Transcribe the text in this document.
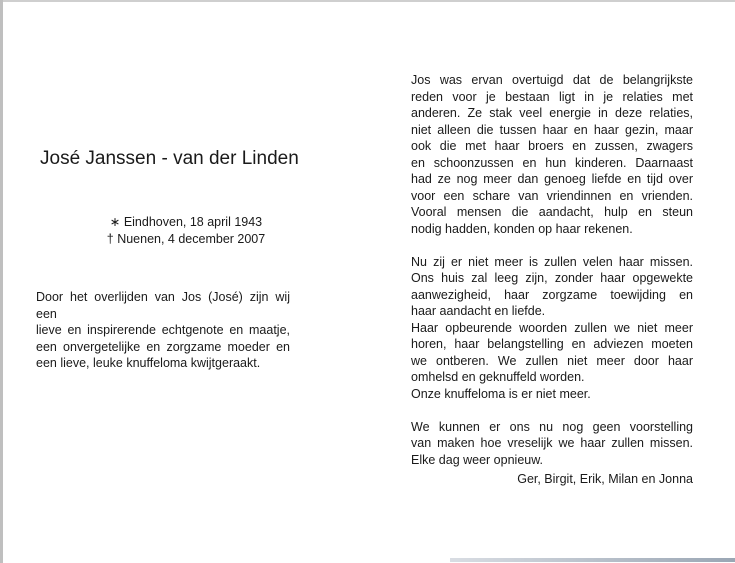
José Janssen - van der Linden
∗ Eindhoven, 18 april 1943
† Nuenen, 4 december 2007
Door het overlijden van Jos (José) zijn wij een
lieve en inspirerende echtgenote en maatje,
een onvergetelijke en zorgzame moeder en
een lieve, leuke knuffeloma kwijtgeraakt.
Jos was ervan overtuigd dat de belangrijkste
reden voor je bestaan ligt in je relaties met
anderen. Ze stak veel energie in deze relaties,
niet alleen die tussen haar en haar gezin, maar
ook die met haar broers en zussen, zwagers
en schoonzussen en hun kinderen. Daarnaast
had ze nog meer dan genoeg liefde en tijd over
voor een schare van vriendinnen en vrienden.
Vooral mensen die aandacht, hulp en steun
nodig hadden, konden op haar rekenen.
Nu zij er niet meer is zullen velen haar missen.
Ons huis zal leeg zijn, zonder haar opgewekte
aanwezigheid, haar zorgzame toewijding en
haar aandacht en liefde.
Haar opbeurende woorden zullen we niet meer
horen, haar belangstelling en adviezen moeten
we ontberen. We zullen niet meer door haar
omhelsd en geknuffeld worden.
Onze knuffeloma is er niet meer.
We kunnen er ons nu nog geen voorstelling
van maken hoe vreselijk we haar zullen missen.
Elke dag weer opnieuw.
Ger, Birgit, Erik, Milan en Jonna
